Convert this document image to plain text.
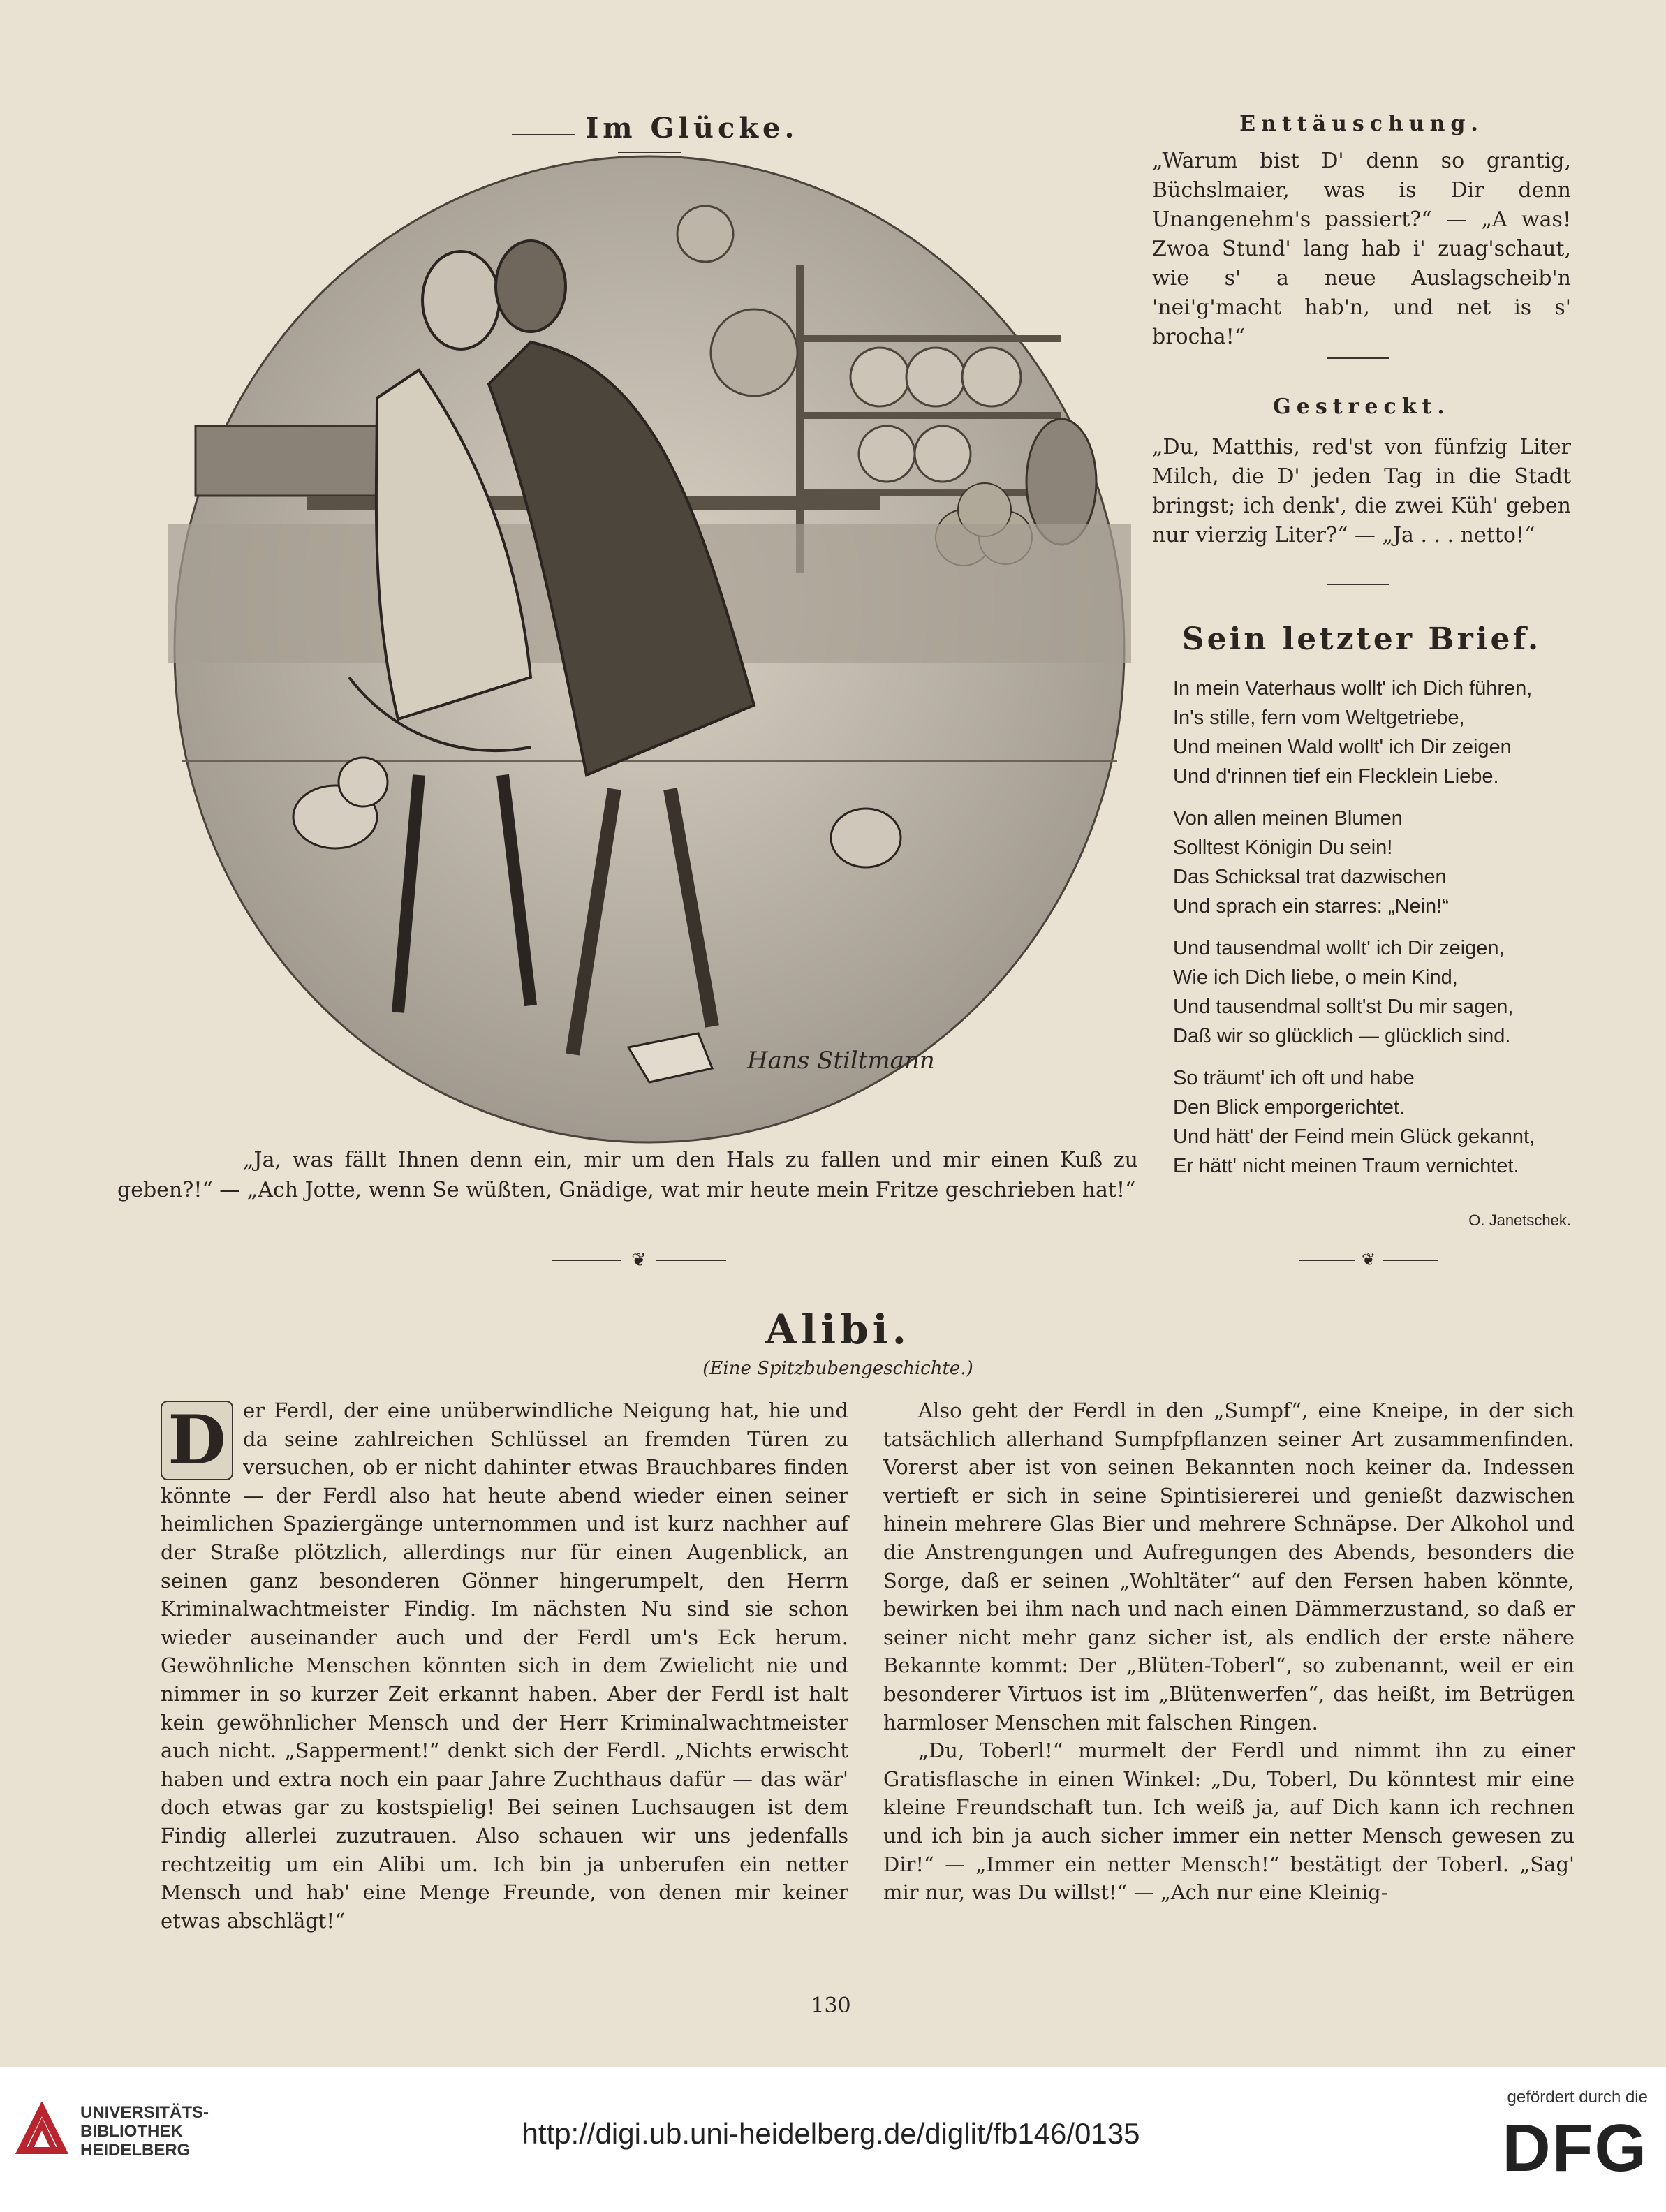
Im Glücke.
Hans Stiltmann
„Ja, was fällt Ihnen denn ein, mir um den Hals zu fallen und mir einen Kuß zu geben?!“ — „Ach Jotte, wenn Se wüßten, Gnädige, wat mir heute mein Fritze geschrieben hat!“
❦
Enttäuschung.
„Warum bist D' denn so grantig, Büchslmaier, was is Dir denn Unangenehm's passiert?“ — „A was! Zwoa Stund' lang hab i' zuag'schaut, wie s' a neue Auslagscheib'n 'nei'g'macht hab'n, und net is s' brocha!“
Gestreckt.
„Du, Matthis, red'st von fünfzig Liter Milch, die D' jeden Tag in die Stadt bringst; ich denk', die zwei Küh' geben nur vierzig Liter?“ — „Ja . . . netto!“
Sein letzter Brief.
In mein Vaterhaus wollt' ich Dich führen,
In's stille, fern vom Weltgetriebe,
Und meinen Wald wollt' ich Dir zeigen
Und d'rinnen tief ein Flecklein Liebe.
Von allen meinen Blumen
Solltest Königin Du sein!
Das Schicksal trat dazwischen
Und sprach ein starres: „Nein!“
Und tausendmal wollt' ich Dir zeigen,
Wie ich Dich liebe, o mein Kind,
Und tausendmal sollt'st Du mir sagen,
Daß wir so glücklich — glücklich sind.
So träumt' ich oft und habe
Den Blick emporgerichtet.
Und hätt' der Feind mein Glück gekannt,
Er hätt' nicht meinen Traum vernichtet.
O. Janetschek.
❦
Alibi.
(Eine Spitzbubengeschichte.)
D er Ferdl, der eine unüberwindliche Neigung hat, hie und da seine zahlreichen Schlüssel an fremden Türen zu versuchen, ob er nicht dahinter etwas Brauchbares finden könnte — der Ferdl also hat heute abend wieder einen seiner heimlichen Spaziergänge unternommen und ist kurz nachher auf der Straße plötzlich, allerdings nur für einen Augenblick, an seinen ganz besonderen Gönner hingerumpelt, den Herrn Kriminalwachtmeister Findig. Im nächsten Nu sind sie schon wieder auseinander auch und der Ferdl um's Eck herum. Gewöhnliche Menschen könnten sich in dem Zwielicht nie und nimmer in so kurzer Zeit erkannt haben. Aber der Ferdl ist halt kein gewöhnlicher Mensch und der Herr Kriminalwachtmeister auch nicht. „Sapperment!“ denkt sich der Ferdl. „Nichts erwischt haben und extra noch ein paar Jahre Zuchthaus dafür — das wär' doch etwas gar zu kostspielig! Bei seinen Luchsaugen ist dem Findig allerlei zuzutrauen. Also schauen wir uns jedenfalls rechtzeitig um ein Alibi um. Ich bin ja unberufen ein netter Mensch und hab' eine Menge Freunde, von denen mir keiner etwas abschlägt!“

Also geht der Ferdl in den „Sumpf“, eine Kneipe, in der sich tatsächlich allerhand Sumpfpflanzen seiner Art zusammenfinden. Vorerst aber ist von seinen Bekannten noch keiner da. Indessen vertieft er sich in seine Spintisiererei und genießt dazwischen hinein mehrere Glas Bier und mehrere Schnäpse. Der Alkohol und die Anstrengungen und Aufregungen des Abends, besonders die Sorge, daß er seinen „Wohltäter“ auf den Fersen haben könnte, bewirken bei ihm nach und nach einen Dämmerzustand, so daß er seiner nicht mehr ganz sicher ist, als endlich der erste nähere Bekannte kommt: Der „Blüten-Toberl“, so zubenannt, weil er ein besonderer Virtuos ist im „Blütenwerfen“, das heißt, im Betrügen harmloser Menschen mit falschen Ringen.

„Du, Toberl!“ murmelt der Ferdl und nimmt ihn zu einer Gratisflasche in einen Winkel: „Du, Toberl, Du könntest mir eine kleine Freundschaft tun. Ich weiß ja, auf Dich kann ich rechnen und ich bin ja auch sicher immer ein netter Mensch gewesen zu Dir!“ — „Immer ein netter Mensch!“ bestätigt der Toberl. „Sag' mir nur, was Du willst!“ — „Ach nur eine Kleinig-

130
UNIVERSITÄTS-
BIBLIOTHEK
HEIDELBERG
http://digi.ub.uni-heidelberg.de/diglit/fb146/0135
gefördert durch die
DFG
